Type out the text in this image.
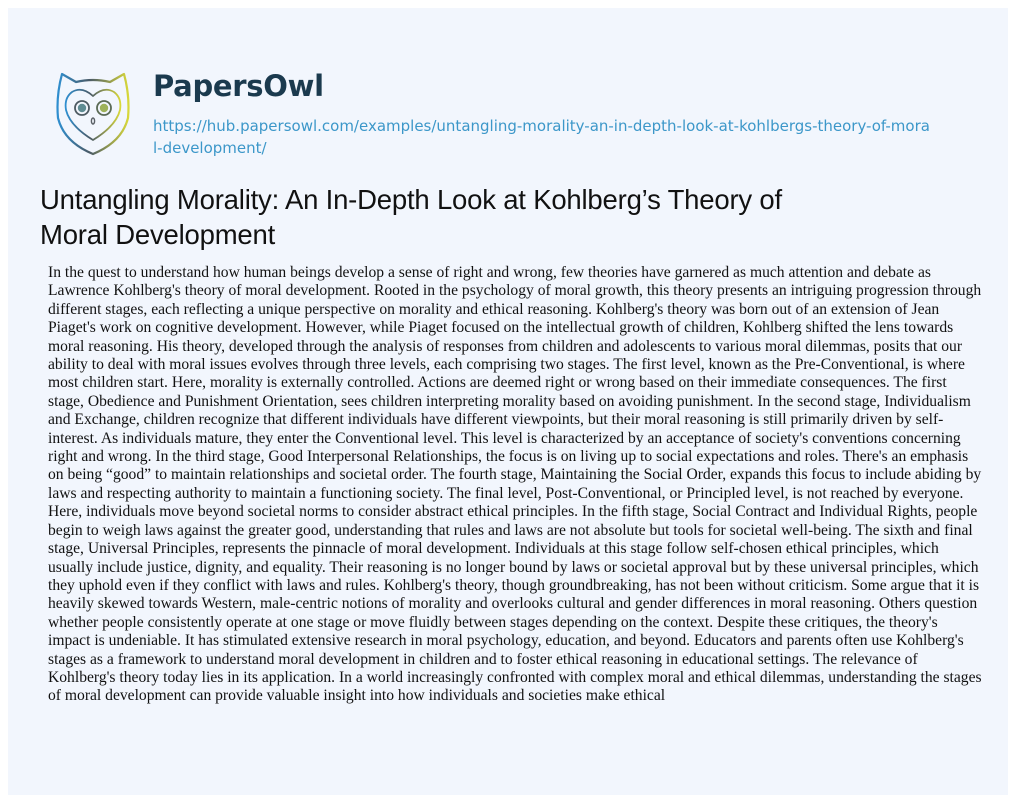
PapersOwl
https://hub.papersowl.com/examples/untangling-morality-an-in-depth-look-at-kohlbergs-theory-of-moral-development/
Untangling Morality: An In-Depth Look at Kohlberg’s Theory of Moral Development

In the quest to understand how human beings develop a sense of right and wrong, few theories have garnered as much attention and debate as Lawrence Kohlberg's theory of moral development. Rooted in the psychology of moral growth, this theory presents an intriguing progression through different stages, each reflecting a unique perspective on morality and ethical reasoning. Kohlberg's theory was born out of an extension of Jean Piaget's work on cognitive development. However, while Piaget focused on the intellectual growth of children, Kohlberg shifted the lens towards moral reasoning. His theory, developed through the analysis of responses from children and adolescents to various moral dilemmas, posits that our ability to deal with moral issues evolves through three levels, each comprising two stages. The first level, known as the Pre-Conventional, is where most children start. Here, morality is externally controlled. Actions are deemed right or wrong based on their immediate consequences. The first stage, Obedience and Punishment Orientation, sees children interpreting morality based on avoiding punishment. In the second stage, Individualism and Exchange, children recognize that different individuals have different viewpoints, but their moral reasoning is still primarily driven by self-interest. As individuals mature, they enter the Conventional level. This level is characterized by an acceptance of society's conventions concerning right and wrong. In the third stage, Good Interpersonal Relationships, the focus is on living up to social expectations and roles. There's an emphasis on being “good” to maintain relationships and societal order. The fourth stage, Maintaining the Social Order, expands this focus to include abiding by laws and respecting authority to maintain a functioning society. The final level, Post-Conventional, or Principled level, is not reached by everyone. Here, individuals move beyond societal norms to consider abstract ethical principles. In the fifth stage, Social Contract and Individual Rights, people begin to weigh laws against the greater good, understanding that rules and laws are not absolute but tools for societal well-being. The sixth and final stage, Universal Principles, represents the pinnacle of moral development. Individuals at this stage follow self-chosen ethical principles, which usually include justice, dignity, and equality. Their reasoning is no longer bound by laws or societal approval but by these universal principles, which they uphold even if they conflict with laws and rules. Kohlberg's theory, though groundbreaking, has not been without criticism. Some argue that it is heavily skewed towards Western, male-centric notions of morality and overlooks cultural and gender differences in moral reasoning. Others question whether people consistently operate at one stage or move fluidly between stages depending on the context. Despite these critiques, the theory's impact is undeniable. It has stimulated extensive research in moral psychology, education, and beyond. Educators and parents often use Kohlberg's stages as a framework to understand moral development in children and to foster ethical reasoning in educational settings. The relevance of Kohlberg's theory today lies in its application. In a world increasingly confronted with complex moral and ethical dilemmas, understanding the stages of moral development can provide valuable insight into how individuals and societies make ethical
